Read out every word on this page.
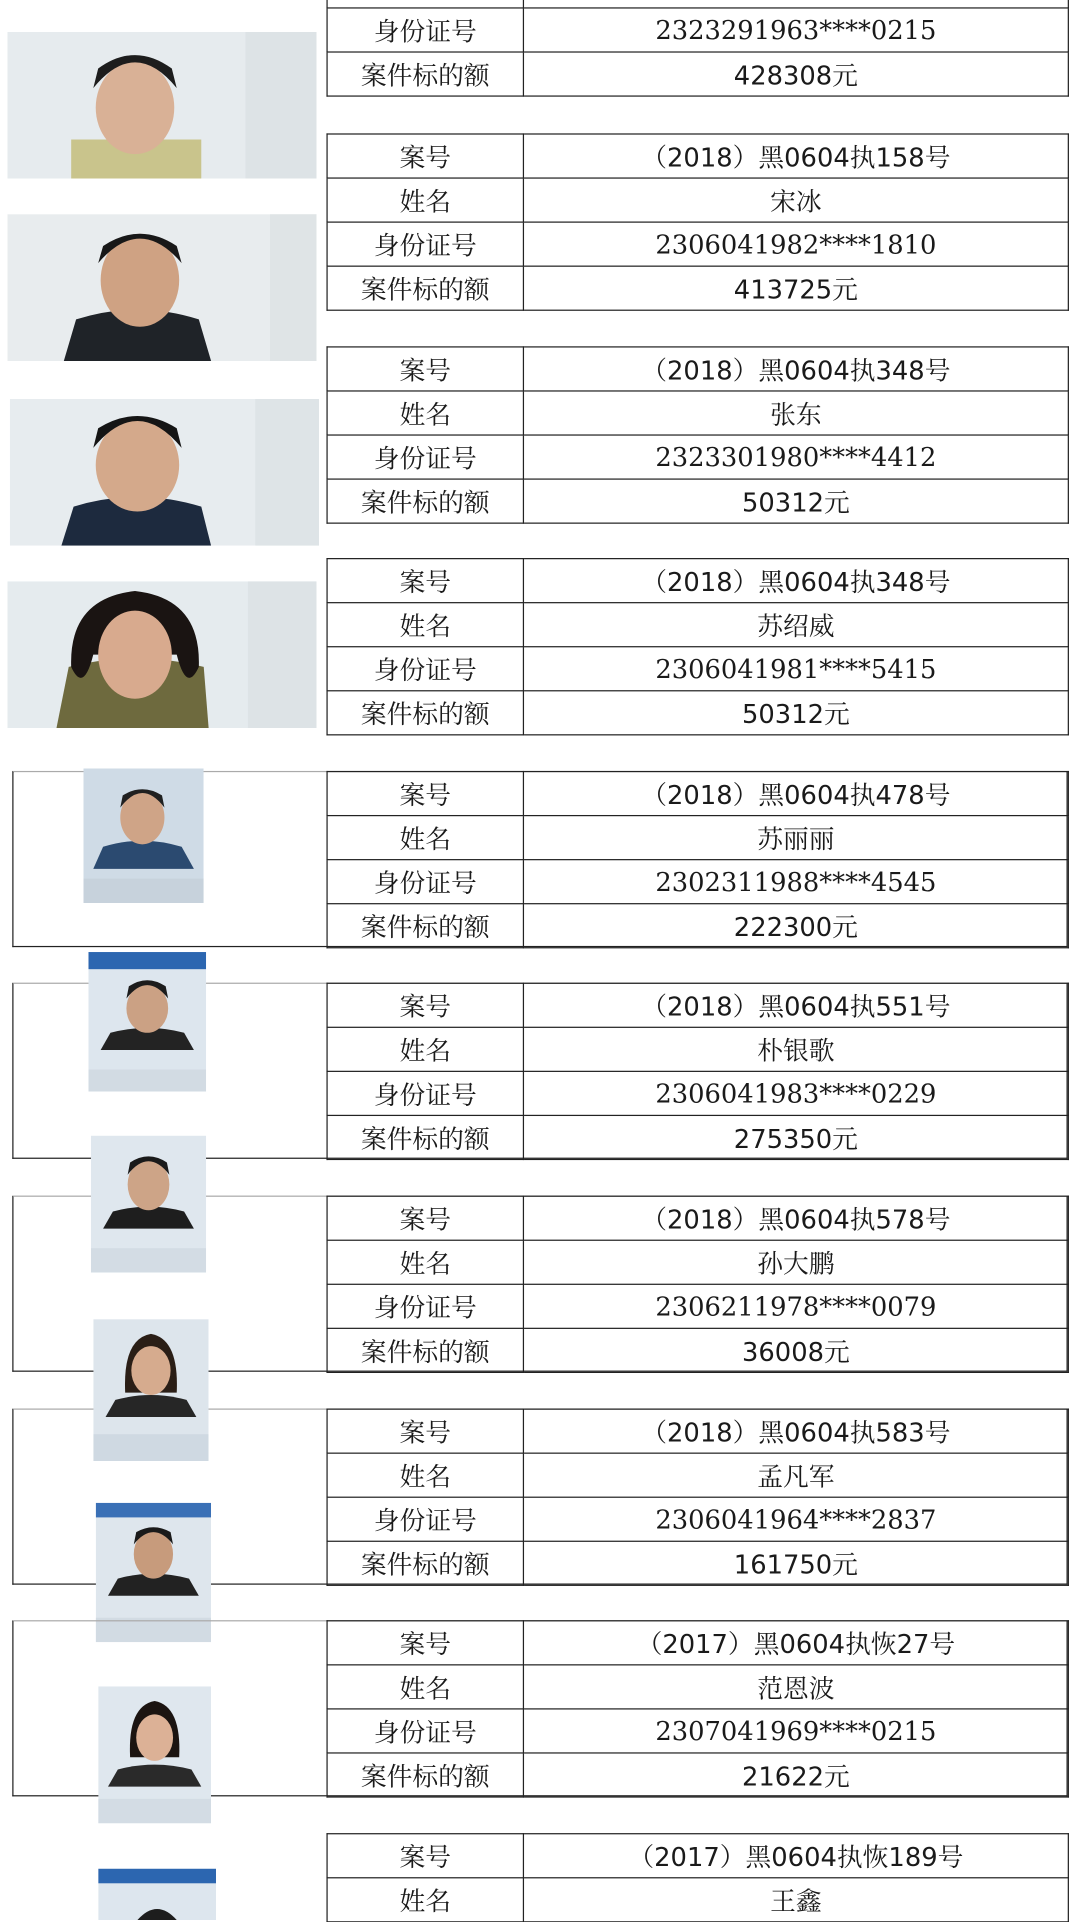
身份证号	2323291963****0215
案件标的额	428308元
案号	（2018）黑0604执158号
姓名	宋冰
身份证号	2306041982****1810
案件标的额	413725元
案号	（2018）黑0604执348号
姓名	张东
身份证号	2323301980****4412
案件标的额	50312元
案号	（2018）黑0604执348号
姓名	苏绍威
身份证号	2306041981****5415
案件标的额	50312元
案号	（2018）黑0604执478号
姓名	苏丽丽
身份证号	2302311988****4545
案件标的额	222300元
案号	（2018）黑0604执551号
姓名	朴银歌
身份证号	2306041983****0229
案件标的额	275350元
案号	（2018）黑0604执578号
姓名	孙大鹏
身份证号	2306211978****0079
案件标的额	36008元
案号	（2018）黑0604执583号
姓名	孟凡军
身份证号	2306041964****2837
案件标的额	161750元
案号	（2017）黑0604执恢27号
姓名	范恩波
身份证号	2307041969****0215
案件标的额	21622元
案号	（2017）黑0604执恢189号
姓名	王鑫
